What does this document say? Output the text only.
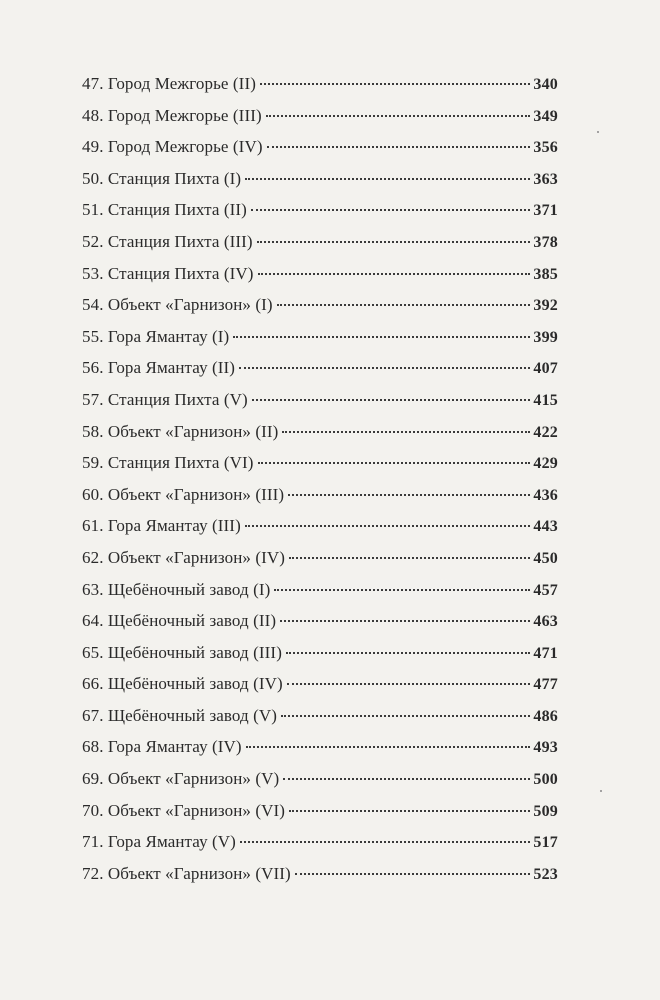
47. Город Межгорье (II)	340
48. Город Межгорье (III)	349
49. Город Межгорье (IV)	356
50. Станция Пихта (I)	363
51. Станция Пихта (II)	371
52. Станция Пихта (III)	378
53. Станция Пихта (IV)	385
54. Объект «Гарнизон» (I)	392
55. Гора Ямантау (I)	399
56. Гора Ямантау (II)	407
57. Станция Пихта (V)	415
58. Объект «Гарнизон» (II)	422
59. Станция Пихта (VI)	429
60. Объект «Гарнизон» (III)	436
61. Гора Ямантау (III)	443
62. Объект «Гарнизон» (IV)	450
63. Щебёночный завод (I)	457
64. Щебёночный завод (II)	463
65. Щебёночный завод (III)	471
66. Щебёночный завод (IV)	477
67. Щебёночный завод (V)	486
68. Гора Ямантау (IV)	493
69. Объект «Гарнизон» (V)	500
70. Объект «Гарнизон» (VI)	509
71. Гора Ямантау (V)	517
72. Объект «Гарнизон» (VII)	523
